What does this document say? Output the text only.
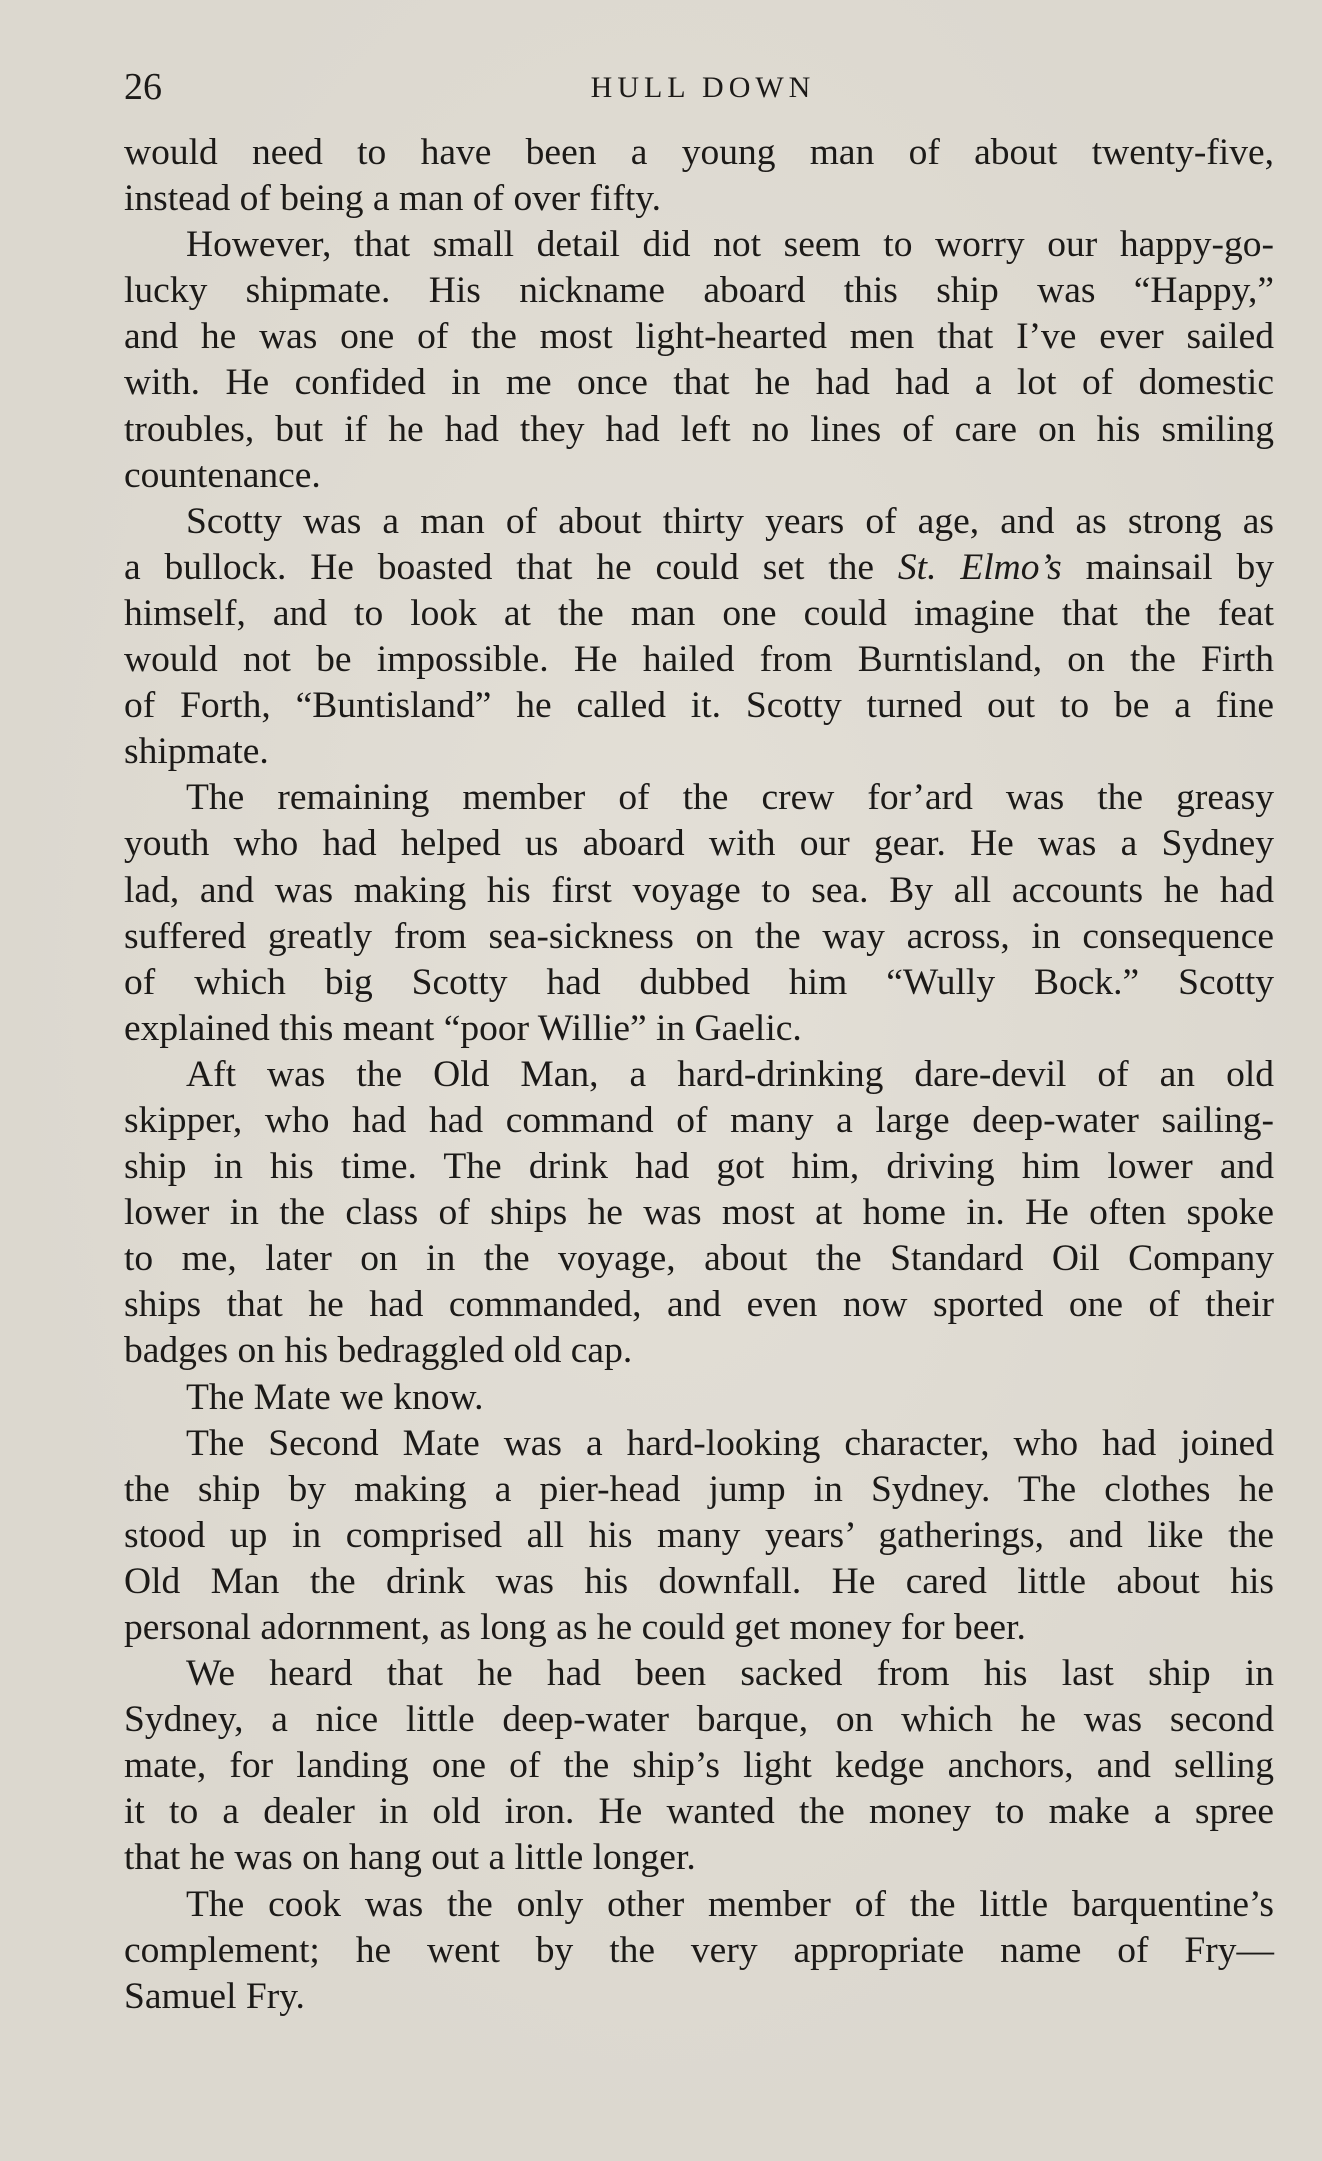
26	HULL DOWN
would need to have been a young man of about twenty-five,
instead of being a man of over fifty.
However, that small detail did not seem to worry our happy-go-
lucky shipmate. His nickname aboard this ship was “Happy,”
and he was one of the most light-hearted men that I’ve ever sailed
with. He confided in me once that he had had a lot of domestic
troubles, but if he had they had left no lines of care on his smiling
countenance.
Scotty was a man of about thirty years of age, and as strong as
a bullock. He boasted that he could set the St. Elmo’s mainsail by
himself, and to look at the man one could imagine that the feat
would not be impossible. He hailed from Burntisland, on the Firth
of Forth, “Buntisland” he called it. Scotty turned out to be a fine
shipmate.
The remaining member of the crew for’ard was the greasy
youth who had helped us aboard with our gear. He was a Sydney
lad, and was making his first voyage to sea. By all accounts he had
suffered greatly from sea-sickness on the way across, in consequence
of which big Scotty had dubbed him “Wully Bock.” Scotty
explained this meant “poor Willie” in Gaelic.
Aft was the Old Man, a hard-drinking dare-devil of an old
skipper, who had had command of many a large deep-water sailing-
ship in his time. The drink had got him, driving him lower and
lower in the class of ships he was most at home in. He often spoke
to me, later on in the voyage, about the Standard Oil Company
ships that he had commanded, and even now sported one of their
badges on his bedraggled old cap.
The Mate we know.
The Second Mate was a hard-looking character, who had joined
the ship by making a pier-head jump in Sydney. The clothes he
stood up in comprised all his many years’ gatherings, and like the
Old Man the drink was his downfall. He cared little about his
personal adornment, as long as he could get money for beer.
We heard that he had been sacked from his last ship in
Sydney, a nice little deep-water barque, on which he was second
mate, for landing one of the ship’s light kedge anchors, and selling
it to a dealer in old iron. He wanted the money to make a spree
that he was on hang out a little longer.
The cook was the only other member of the little barquentine’s
complement; he went by the very appropriate name of Fry—
Samuel Fry.
